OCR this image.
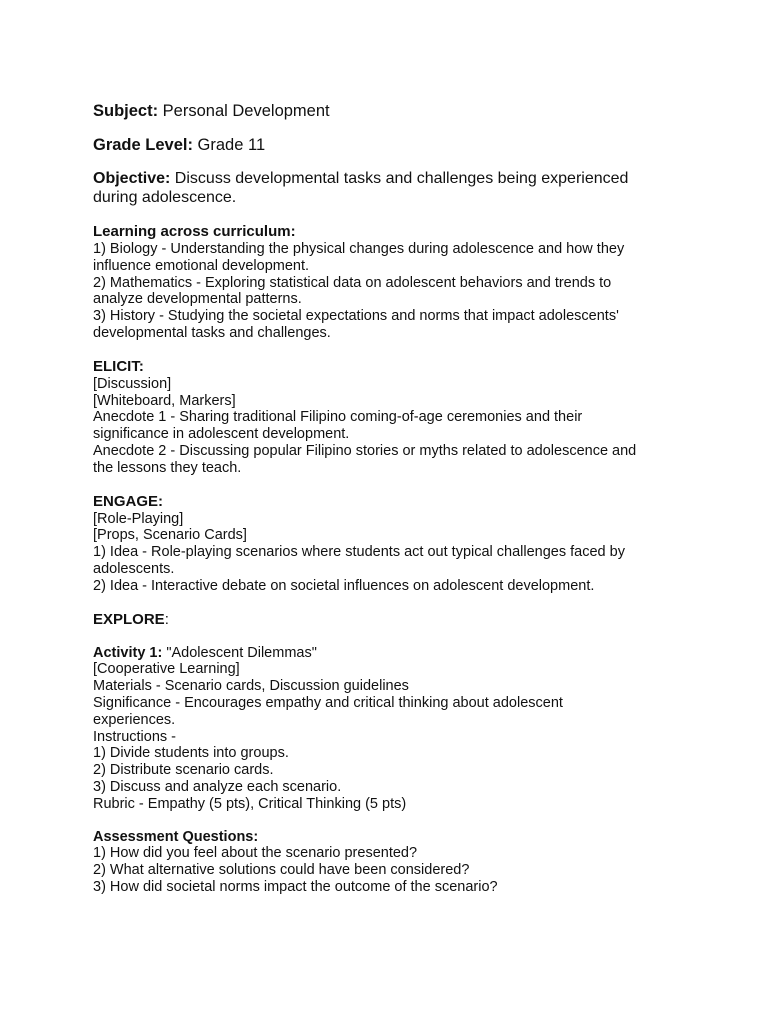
Subject: Personal Development
Grade Level: Grade 11
Objective: Discuss developmental tasks and challenges being experienced
during adolescence.
Learning across curriculum:
1) Biology - Understanding the physical changes during adolescence and how they
influence emotional development.
2) Mathematics - Exploring statistical data on adolescent behaviors and trends to
analyze developmental patterns.
3) History - Studying the societal expectations and norms that impact adolescents'
developmental tasks and challenges.
ELICIT:
[Discussion]
[Whiteboard, Markers]
Anecdote 1 - Sharing traditional Filipino coming-of-age ceremonies and their
significance in adolescent development.
Anecdote 2 - Discussing popular Filipino stories or myths related to adolescence and
the lessons they teach.
ENGAGE:
[Role-Playing]
[Props, Scenario Cards]
1) Idea - Role-playing scenarios where students act out typical challenges faced by
adolescents.
2) Idea - Interactive debate on societal influences on adolescent development.
EXPLORE:
Activity 1: "Adolescent Dilemmas"
[Cooperative Learning]
Materials - Scenario cards, Discussion guidelines
Significance - Encourages empathy and critical thinking about adolescent
experiences.
Instructions -
1) Divide students into groups.
2) Distribute scenario cards.
3) Discuss and analyze each scenario.
Rubric - Empathy (5 pts), Critical Thinking (5 pts)
Assessment Questions:
1) How did you feel about the scenario presented?
2) What alternative solutions could have been considered?
3) How did societal norms impact the outcome of the scenario?
